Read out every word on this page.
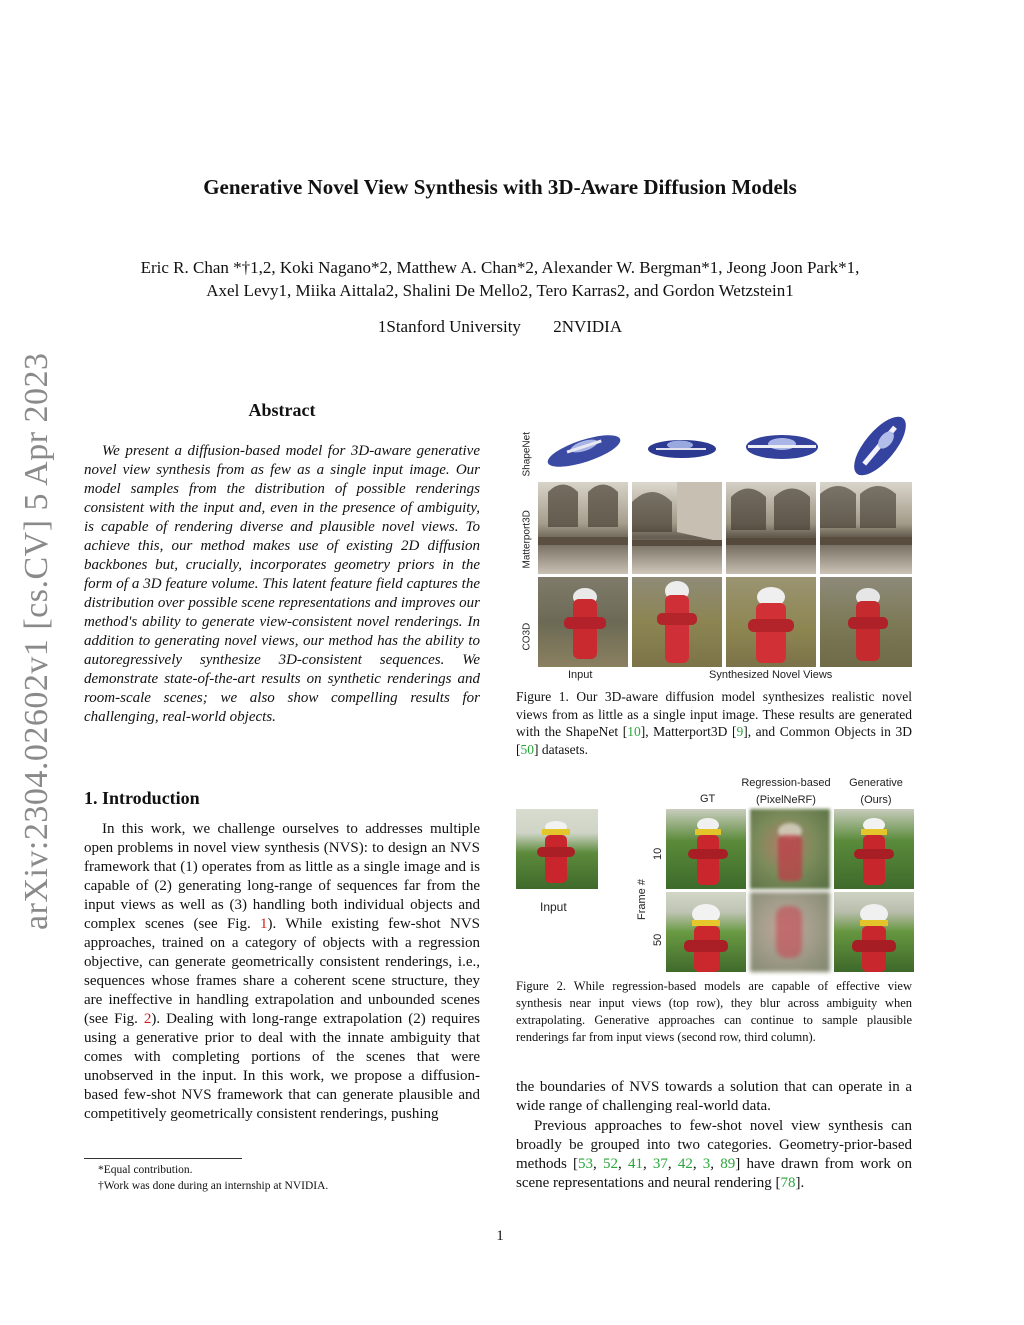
Generative Novel View Synthesis with 3D-Aware Diffusion Models
Eric R. Chan *†1,2, Koki Nagano*2, Matthew A. Chan*2, Alexander W. Bergman*1, Jeong Joon Park*1,
Axel Levy1, Miika Aittala2, Shalini De Mello2, Tero Karras2, and Gordon Wetzstein1
1Stanford University 2NVIDIA
arXiv:2304.02602v1 [cs.CV] 5 Apr 2023	Abstract
We present a diffusion-based model for 3D-aware generative novel view synthesis from as few as a single input image. Our model samples from the distribution of possible renderings consistent with the input and, even in the presence of ambiguity, is capable of rendering diverse and plausible novel views. To achieve this, our method makes use of existing 2D diffusion backbones but, crucially, incorporates geometry priors in the form of a 3D feature volume. This latent feature field captures the distribution over possible scene representations and improves our method's ability to generate view-consistent novel renderings. In addition to generating novel views, our method has the ability to autoregressively synthesize 3D-consistent sequences. We demonstrate state-of-the-art results on synthetic renderings and room-scale scenes; we also show compelling results for challenging, real-world objects.
1. Introduction
In this work, we challenge ourselves to addresses multiple open problems in novel view synthesis (NVS): to design an NVS framework that (1) operates from as little as a single image and is capable of (2) generating long-range of sequences far from the input views as well as (3) handling both individual objects and complex scenes (see Fig. 1). While existing few-shot NVS approaches, trained on a category of objects with a regression objective, can generate geometrically consistent renderings, i.e., sequences whose frames share a coherent scene structure, they are ineffective in handling extrapolation and unbounded scenes (see Fig. 2). Dealing with long-range extrapolation (2) requires using a generative prior to deal with the innate ambiguity that comes with completing portions of the scenes that were unobserved in the input. In this work, we propose a diffusion-based few-shot NVS framework that can generate plausible and competitively geometrically consistent renderings, pushing
*Equal contribution.
†Work was done during an internship at NVIDIA.
ShapeNet
Matterport3D
CO3D
Input	Synthesized Novel Views
Figure 1. Our 3D-aware diffusion model synthesizes realistic novel views from as little as a single input image. These results are generated with the ShapeNet [10], Matterport3D [9], and Common Objects in 3D [50] datasets.
GT
Regression-based
(PixelNeRF)
Generative
(Ours)
Input	Frame #
10
50
Figure 2. While regression-based models are capable of effective view synthesis near input views (top row), they blur across ambiguity when extrapolating. Generative approaches can continue to sample plausible renderings far from input views (second row, third column).
the boundaries of NVS towards a solution that can operate in a wide range of challenging real-world data.
Previous approaches to few-shot novel view synthesis can broadly be grouped into two categories. Geometry-prior-based methods [53, 52, 41, 37, 42, 3, 89] have drawn from work on scene representations and neural rendering [78].
1
